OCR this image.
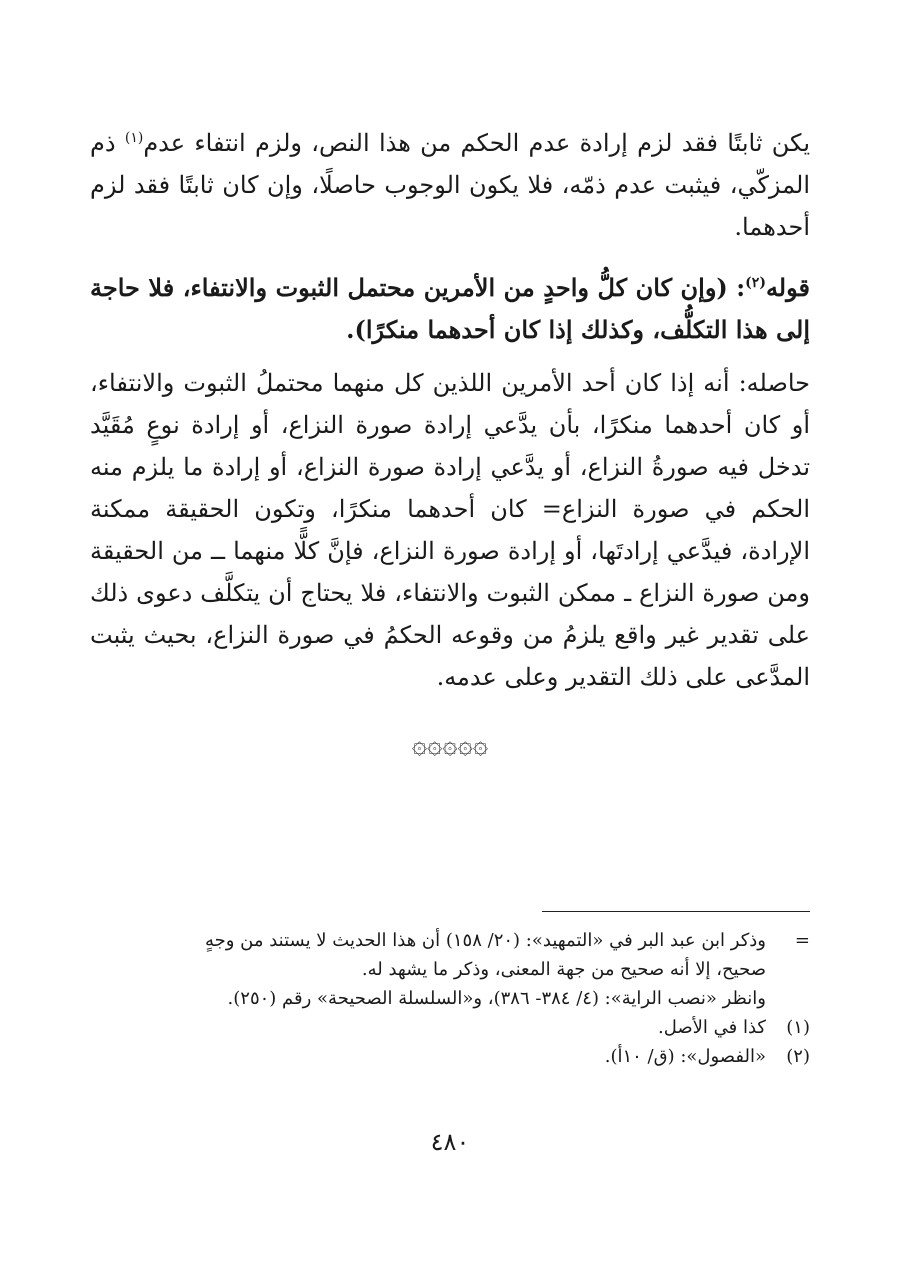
يكن ثابتًا فقد لزم إرادة عدم الحكم من هذا النص، ولزم انتفاء عدم$^{(١)}$ ذم المزكّي، فيثبت عدم ذمّه، فلا يكون الوجوب حاصلًا، وإن كان ثابتًا فقد لزم أحدهما.

قوله$^{(٢)}$: (وإن كان كلُّ واحدٍ من الأمرين محتمل الثبوت والانتفاء، فلا حاجة إلى هذا التكلُّف، وكذلك إذا كان أحدهما منكرًا).

حاصله: أنه إذا كان أحد الأمرين اللذين كل منهما محتملُ الثبوت والانتفاء، أو كان أحدهما منكرًا، بأن يدَّعي إرادة صورة النزاع، أو إرادة نوعٍ مُقَيَّد تدخل فيه صورةُ النزاع، أو يدَّعي إرادة صورة النزاع، أو إرادة ما يلزم منه الحكم في صورة النزاع= كان أحدهما منكرًا، وتكون الحقيقة ممكنة الإرادة، فيدَّعي إرادتَها، أو إرادة صورة النزاع، فإنَّ كلًّا منهما ــ من الحقيقة ومن صورة النزاع ـ ممكن الثبوت والانتفاء، فلا يحتاج أن يتكلَّف دعوى ذلك على تقدير غير واقع يلزمُ من وقوعه الحكمُ في صورة النزاع، بحيث يثبت المدَّعى على ذلك التقدير وعلى عدمه.

۞۞۞۞۞

=وذكر ابن عبد البر في «التمهيد»: (٢٠/ ١٥٨) أن هذا الحديث لا يستند من وجهٍ

صحيح، إلا أنه صحيح من جهة المعنى، وذكر ما يشهد له.

وانظر «نصب الراية»: (٤/ ٣٨٤- ٣٨٦)، و«السلسلة الصحيحة» رقم (٢٥٠).

(١)كذا في الأصل.

(٢)«الفصول»: (ق/ ١٠أ).

٤٨٠
